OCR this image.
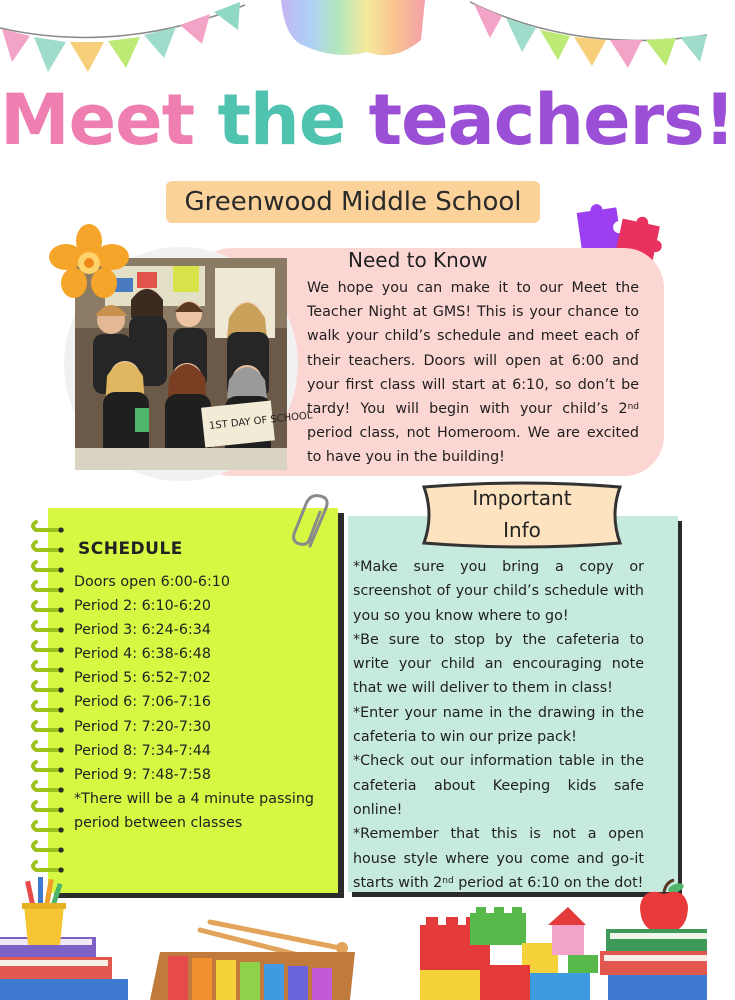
Meet the teachers!
Greenwood Middle School
Need to Know
We hope you can make it to our Meet the Teacher Night at GMS! This is your chance to walk your child’s schedule and meet each of their teachers. Doors will open at 6:00 and your first class will start at 6:10, so don’t be tardy! You will begin with your child’s 2nd period class, not Homeroom. We are excited to have you in the building!
1ST DAY OF SCHOOL
SCHEDULE
Doors open 6:00-6:10
Period 2: 6:10-6:20
Period 3: 6:24-6:34
Period 4: 6:38-6:48
Period 5: 6:52-7:02
Period 6: 7:06-7:16
Period 7: 7:20-7:30
Period 8: 7:34-7:44
Period 9: 7:48-7:58
*There will be a 4 minute passing period between classes
Important
Info
*Make sure you bring a copy or screenshot of your child’s schedule with you so you know where to go!
*Be sure to stop by the cafeteria to write your child an encouraging note that we will deliver to them in class!
*Enter your name in the drawing in the cafeteria to win our prize pack!
*Check out our information table in the cafeteria about Keeping kids safe online!
*Remember that this is not a open house style where you come and go-it starts with 2nd period at 6:10 on the dot!
